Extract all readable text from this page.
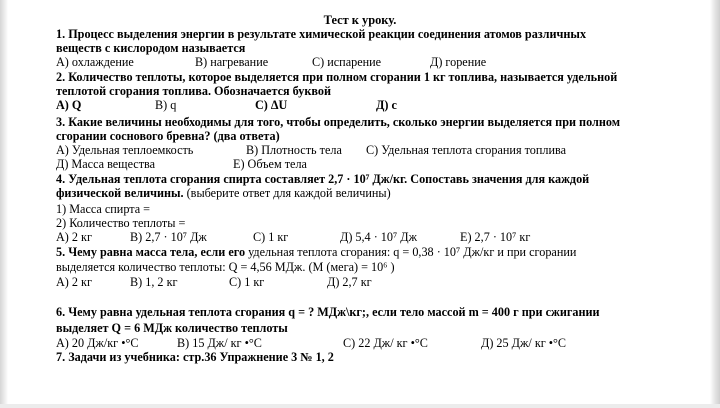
Тест к уроку.
1. Процесс выделения энергии в результате химической реакции соединения атомов различных
веществ с кислородом называется
А) охлаждение	В) нагревание	С) испарение	Д) горение
2. Количество теплоты, которое выделяется при полном сгорании 1 кг топлива, называется удельной
теплотой сгорания топлива. Обозначается буквой
А) Q	В) q	С) ΔU	Д) c
3. Какие величины необходимы для того, чтобы определить, сколько энергии выделяется при полном
сгорании соснового бревна? (два ответа)
А) Удельная теплоемкость	В) Плотность тела С) Удельная теплота сгорания топлива
Д) Масса вещества	Е) Объем тела
4. Удельная теплота сгорания спирта составляет 2,7 · 10⁷ Дж/кг. Сопоставь значения для каждой
физической величины. (выберите ответ для каждой величины)
1) Масса спирта =
2) Количество теплоты =
А) 2 кг	В) 2,7 · 10⁷ Дж	С) 1 кг	Д) 5,4 · 10⁷ Дж	Е) 2,7 · 10⁷ кг
5. Чему равна масса тела, если его удельная теплота сгорания: q = 0,38 · 10⁷ Дж/кг и при сгорании
выделяется количество теплоты: Q = 4,56 МДж. (М (мега) = 10⁶ )
А) 2 кг	В) 1, 2 кг	С) 1 кг	Д) 2,7 кг
6. Чему равна удельная теплота сгорания q = ? МДж\кг;, если тело массой m = 400 г при сжигании
выделяет Q = 6 МДж количество теплоты
А) 20 Дж/кг •°С	В) 15 Дж/ кг •°С	С) 22 Дж/ кг •°С	Д) 25 Дж/ кг •°С
7. Задачи из учебника: стр.36 Упражнение 3 № 1, 2
